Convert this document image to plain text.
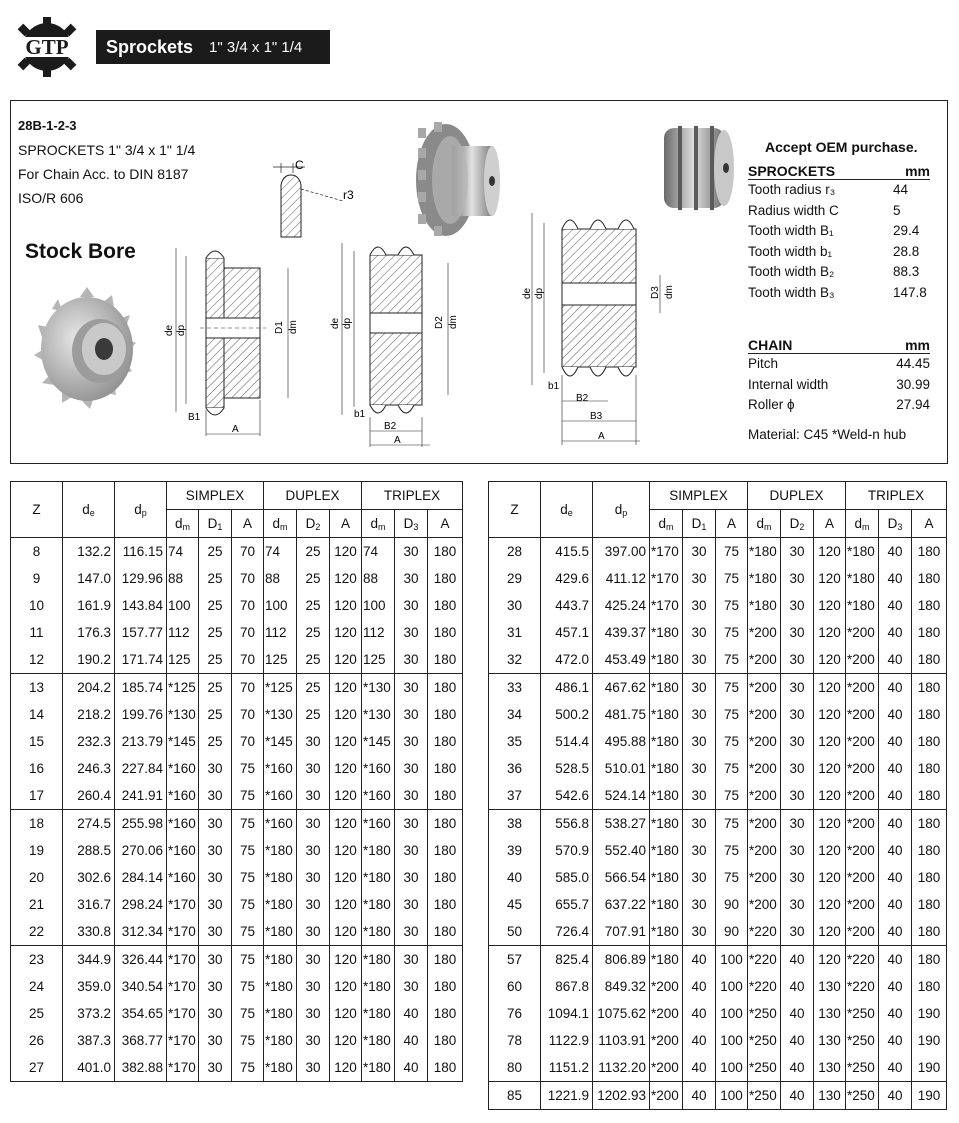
GTP Sprockets 1" 3/4 x 1" 1/4
28B-1-2-3
SPROCKETS 1" 3/4 x 1" 1/4
For Chain Acc. to DIN 8187
ISO/R 606
Stock Bore
C
r3
de dp	D1 dm
B1
A
de dp	D2 dm
b1
B2
A
de dp	D3 dm
b1
B2
B3
A
Accept OEM purchase.
SPROCKETS	mm
Tooth radius r₃	44
Radius width C	5
Tooth width B₁	29.4
Tooth width b₁	28.8
Tooth width B₂	88.3
Tooth width B₃	147.8
CHAIN	mm
Pitch	44.45
Internal width	30.99
Roller ϕ	27.94
Material: C45 *Weld-n hub
Z	$d_e$	$d_p$	SIMPLEX			DUPLEX			TRIPLEX		
			$d_m$	$D_1$	A	$d_m$	$D_2$	A	$d_m$	$D_3$	A
8	132.2	116.15	74	25	70	74	25	120	74	30	180
9	147.0	129.96	88	25	70	88	25	120	88	30	180
10	161.9	143.84	100	25	70	100	25	120	100	30	180
11	176.3	157.77	112	25	70	112	25	120	112	30	180
12	190.2	171.74	125	25	70	125	25	120	125	30	180
13	204.2	185.74	*125	25	70	*125	25	120	*130	30	180
14	218.2	199.76	*130	25	70	*130	25	120	*130	30	180
15	232.3	213.79	*145	25	70	*145	30	120	*145	30	180
16	246.3	227.84	*160	30	75	*160	30	120	*160	30	180
17	260.4	241.91	*160	30	75	*160	30	120	*160	30	180
18	274.5	255.98	*160	30	75	*160	30	120	*160	30	180
19	288.5	270.06	*160	30	75	*180	30	120	*180	30	180
20	302.6	284.14	*160	30	75	*180	30	120	*180	30	180
21	316.7	298.24	*170	30	75	*180	30	120	*180	30	180
22	330.8	312.34	*170	30	75	*180	30	120	*180	30	180
23	344.9	326.44	*170	30	75	*180	30	120	*180	30	180
24	359.0	340.54	*170	30	75	*180	30	120	*180	30	180
25	373.2	354.65	*170	30	75	*180	30	120	*180	40	180
26	387.3	368.77	*170	30	75	*180	30	120	*180	40	180
27	401.0	382.88	*170	30	75	*180	30	120	*180	40	180
Z	$d_e$	$d_p$	SIMPLEX			DUPLEX			TRIPLEX		
			$d_m$	$D_1$	A	$d_m$	$D_2$	A	$d_m$	$D_3$	A
28	415.5	397.00	*170	30	75	*180	30	120	*180	40	180
29	429.6	411.12	*170	30	75	*180	30	120	*180	40	180
30	443.7	425.24	*170	30	75	*180	30	120	*180	40	180
31	457.1	439.37	*180	30	75	*200	30	120	*200	40	180
32	472.0	453.49	*180	30	75	*200	30	120	*200	40	180
33	486.1	467.62	*180	30	75	*200	30	120	*200	40	180
34	500.2	481.75	*180	30	75	*200	30	120	*200	40	180
35	514.4	495.88	*180	30	75	*200	30	120	*200	40	180
36	528.5	510.01	*180	30	75	*200	30	120	*200	40	180
37	542.6	524.14	*180	30	75	*200	30	120	*200	40	180
38	556.8	538.27	*180	30	75	*200	30	120	*200	40	180
39	570.9	552.40	*180	30	75	*200	30	120	*200	40	180
40	585.0	566.54	*180	30	75	*200	30	120	*200	40	180
45	655.7	637.22	*180	30	90	*200	30	120	*200	40	180
50	726.4	707.91	*180	30	90	*220	30	120	*200	40	180
57	825.4	806.89	*180	40	100	*220	40	120	*220	40	180
60	867.8	849.32	*200	40	100	*220	40	130	*220	40	180
76	1094.1	1075.62	*200	40	100	*250	40	130	*250	40	190
78	1122.9	1103.91	*200	40	100	*250	40	130	*250	40	190
80	1151.2	1132.20	*200	40	100	*250	40	130	*250	40	190
85	1221.9	1202.93	*200	40	100	*250	40	130	*250	40	190
